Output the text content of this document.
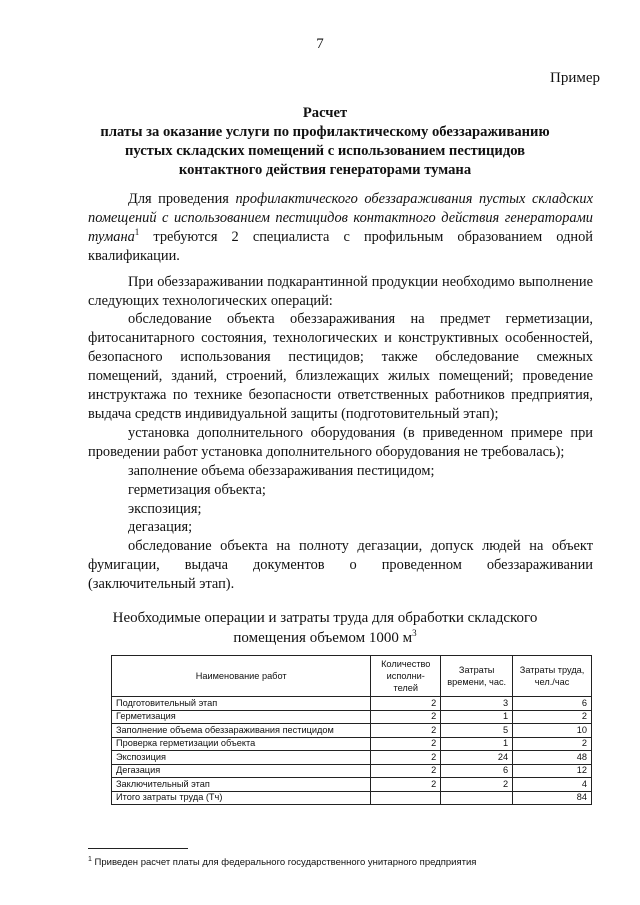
7
Пример
Расчет
платы за оказание услуги по профилактическому обеззараживанию
пустых складских помещений с использованием пестицидов
контактного действия генераторами тумана

Для проведения профилактического обеззараживания пустых складских помещений с использованием пестицидов контактного действия генераторами тумана$^1$ требуются 2 специалиста с профильным образованием одной квалификации.

При обеззараживании подкарантинной продукции необходимо выполнение следующих технологических операций:

обследование объекта обеззараживания на предмет герметизации, фитосанитарного состояния, технологических и конструктивных особенностей, безопасного использования пестицидов; также обследование смежных помещений, зданий, строений, близлежащих жилых помещений; проведение инструктажа по технике безопасности ответственных работников предприятия, выдача средств индивидуальной защиты (подготовительный этап);

установка дополнительного оборудования (в приведенном примере при проведении работ установка дополнительного оборудования не требовалась);

заполнение объема обеззараживания пестицидом;

герметизация объекта;

экспозиция;

дегазация;

обследование объекта на полноту дегазации, допуск людей на объект фумигации, выдача документов о проведенном обеззараживании (заключительный этап).

Необходимые операции и затраты труда для обработки складского
помещения объемом 1000 $м^3$
Наименование работ	Количество исполни-телей	Затраты времени, час.	Затраты труда, чел./час
Подготовительный этап	2	3	6
Герметизация	2	1	2
Заполнение объема обеззараживания пестицидом	2	5	10
Проверка герметизации объекта	2	1	2
Экспозиция	2	24	48
Дегазация	2	6	12
Заключительный этап	2	2	4
Итого затраты труда (Тч)			84
$^1$ Приведен расчет платы для федерального государственного унитарного предприятия
